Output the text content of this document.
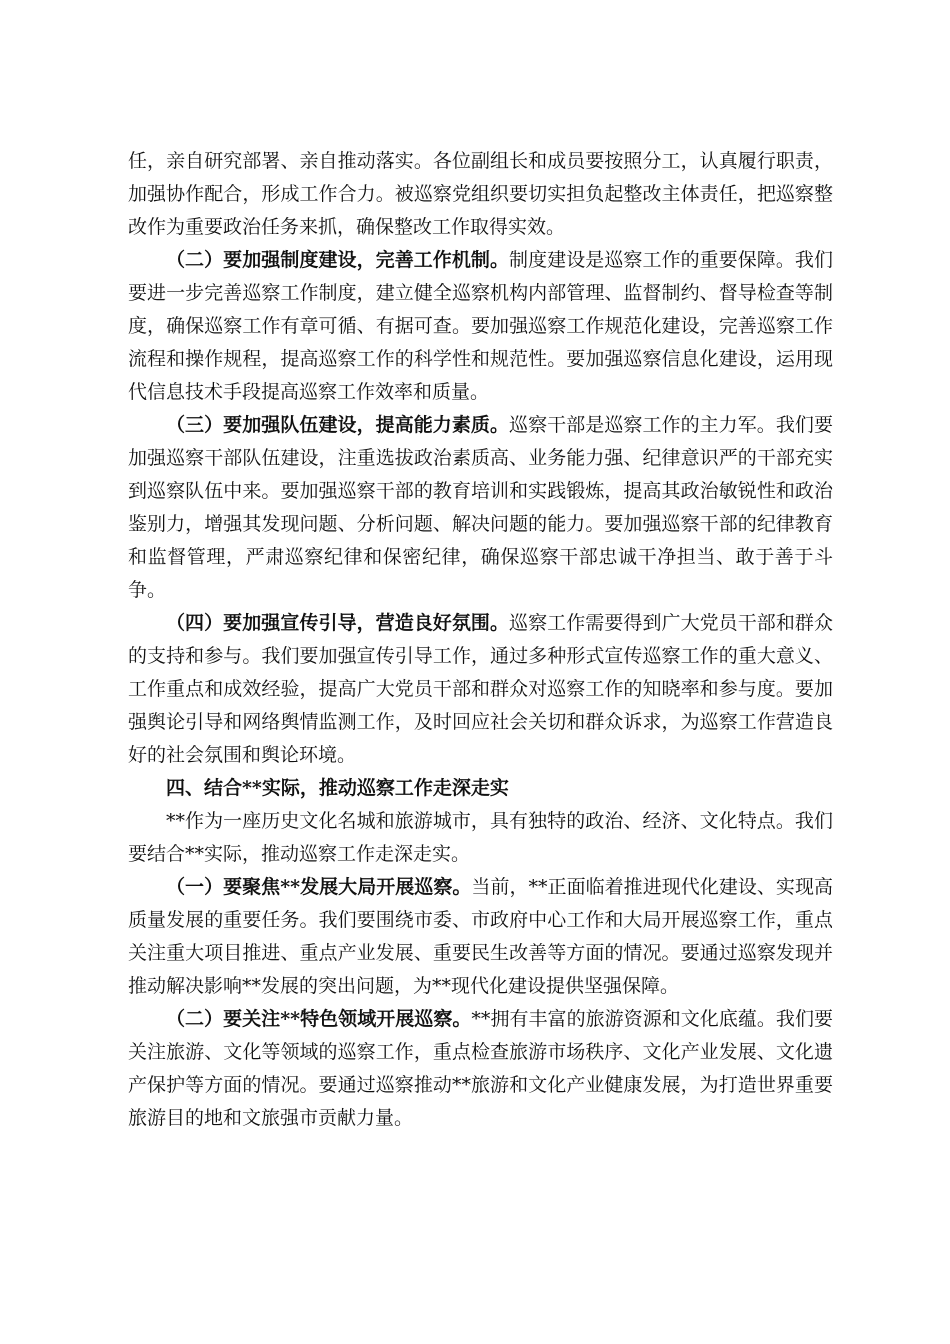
任，亲自研究部署、亲自推动落实。各位副组长和成员要按照分工，认真履行职责，加强协作配合，形成工作合力。被巡察党组织要切实担负起整改主体责任，把巡察整改作为重要政治任务来抓，确保整改工作取得实效。

（二）要加强制度建设，完善工作机制。制度建设是巡察工作的重要保障。我们要进一步完善巡察工作制度，建立健全巡察机构内部管理、监督制约、督导检查等制度，确保巡察工作有章可循、有据可查。要加强巡察工作规范化建设，完善巡察工作流程和操作规程，提高巡察工作的科学性和规范性。要加强巡察信息化建设，运用现代信息技术手段提高巡察工作效率和质量。

（三）要加强队伍建设，提高能力素质。巡察干部是巡察工作的主力军。我们要加强巡察干部队伍建设，注重选拔政治素质高、业务能力强、纪律意识严的干部充实到巡察队伍中来。要加强巡察干部的教育培训和实践锻炼，提高其政治敏锐性和政治鉴别力，增强其发现问题、分析问题、解决问题的能力。要加强巡察干部的纪律教育和监督管理，严肃巡察纪律和保密纪律，确保巡察干部忠诚干净担当、敢于善于斗争。

（四）要加强宣传引导，营造良好氛围。巡察工作需要得到广大党员干部和群众的支持和参与。我们要加强宣传引导工作，通过多种形式宣传巡察工作的重大意义、工作重点和成效经验，提高广大党员干部和群众对巡察工作的知晓率和参与度。要加强舆论引导和网络舆情监测工作，及时回应社会关切和群众诉求，为巡察工作营造良好的社会氛围和舆论环境。

四、结合**实际，推动巡察工作走深走实

**作为一座历史文化名城和旅游城市，具有独特的政治、经济、文化特点。我们要结合**实际，推动巡察工作走深走实。

（一）要聚焦**发展大局开展巡察。当前，**正面临着推进现代化建设、实现高质量发展的重要任务。我们要围绕市委、市政府中心工作和大局开展巡察工作，重点关注重大项目推进、重点产业发展、重要民生改善等方面的情况。要通过巡察发现并推动解决影响**发展的突出问题，为**现代化建设提供坚强保障。

（二）要关注**特色领域开展巡察。**拥有丰富的旅游资源和文化底蕴。我们要关注旅游、文化等领域的巡察工作，重点检查旅游市场秩序、文化产业发展、文化遗产保护等方面的情况。要通过巡察推动**旅游和文化产业健康发展，为打造世界重要旅游目的地和文旅强市贡献力量。
